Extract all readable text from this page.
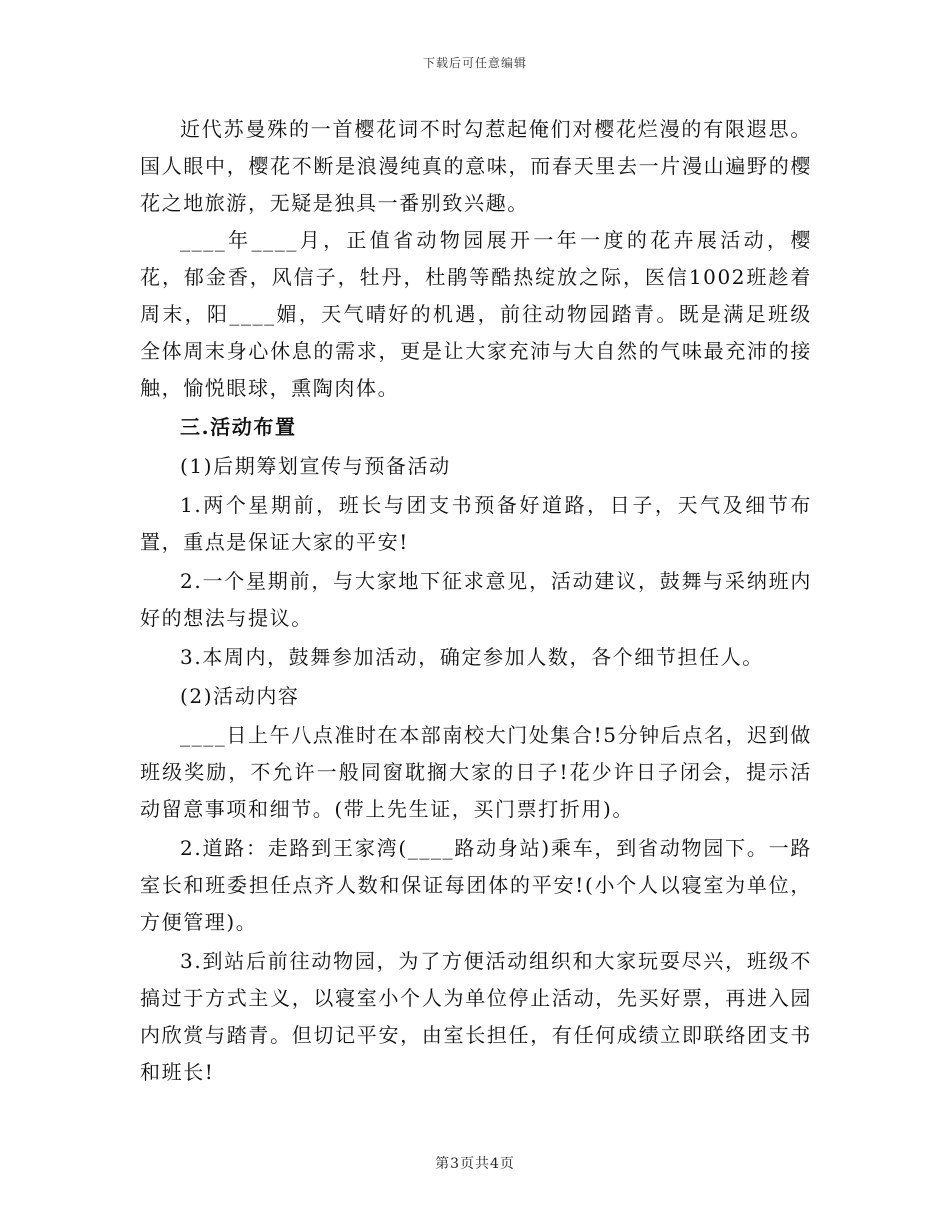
下载后可任意编辑

近代苏曼殊的一首樱花词不时勾惹起俺们对樱花烂漫的有限遐思。国人眼中，樱花不断是浪漫纯真的意味，而春天里去一片漫山遍野的樱花之地旅游，无疑是独具一番别致兴趣。

____年____月，正值省动物园展开一年一度的花卉展活动，樱花，郁金香，风信子，牡丹，杜鹃等酷热绽放之际，医信1002班趁着周末，阳____媚，天气晴好的机遇，前往动物园踏青。既是满足班级全体周末身心休息的需求，更是让大家充沛与大自然的气味最充沛的接触，愉悦眼球，熏陶肉体。

三.活动布置

(1)后期筹划宣传与预备活动

1.两个星期前，班长与团支书预备好道路，日子，天气及细节布置，重点是保证大家的平安!

2.一个星期前，与大家地下征求意见，活动建议，鼓舞与采纳班内好的想法与提议。

3.本周内，鼓舞参加活动，确定参加人数，各个细节担任人。

(2)活动内容

____日上午八点准时在本部南校大门处集合!5分钟后点名，迟到做班级奖励，不允许一般同窗耽搁大家的日子!花少许日子闭会，提示活动留意事项和细节。(带上先生证，买门票打折用)。

2.道路：走路到王家湾(____路动身站)乘车，到省动物园下。一路室长和班委担任点齐人数和保证每团体的平安!(小个人以寝室为单位，方便管理)。

3.到站后前往动物园，为了方便活动组织和大家玩耍尽兴，班级不搞过于方式主义，以寝室小个人为单位停止活动，先买好票，再进入园内欣赏与踏青。但切记平安，由室长担任，有任何成绩立即联络团支书和班长!

第3页共4页
